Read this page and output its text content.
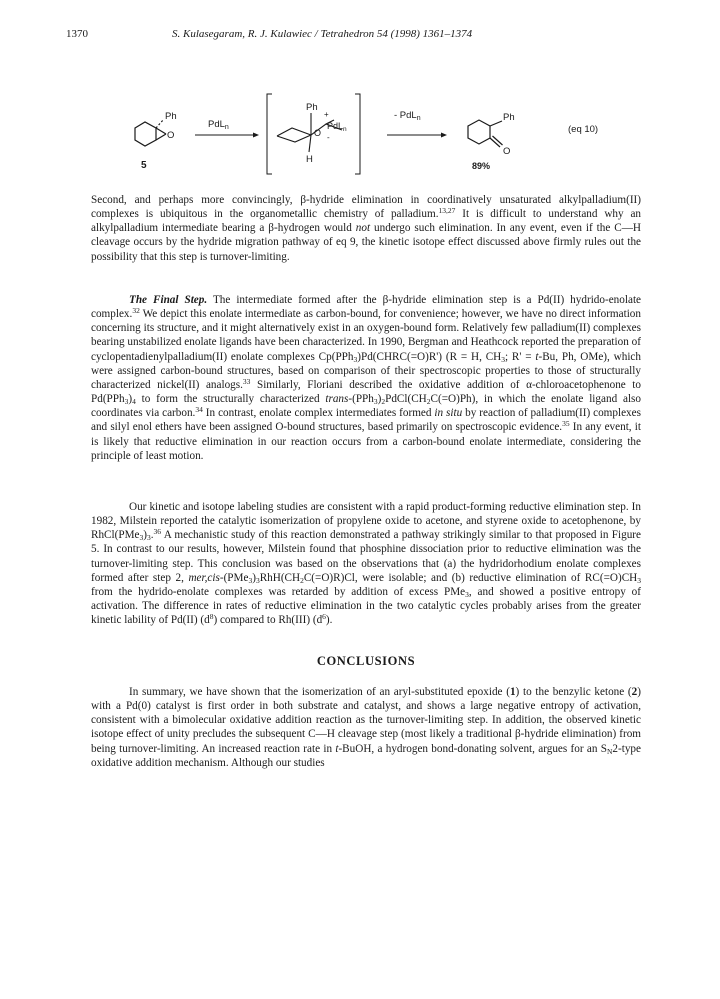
1370	S. Kulasegaram, R. J. Kulawiec / Tetrahedron 54 (1998) 1361–1374
Ph
O
5
PdL$_n$
Ph
+
PdL$_n$
O -
H
- PdL$_n$	Ph
O
89%
(eq 10)

Second, and perhaps more convincingly, β-hydride elimination in coordinatively unsaturated alkylpalladium(II) complexes is ubiquitous in the organometallic chemistry of palladium.$^{13,27}$ It is difficult to understand why an alkylpalladium intermediate bearing a β-hydrogen would not undergo such elimination. In any event, even if the C—H cleavage occurs by the hydride migration pathway of eq 9, the kinetic isotope effect discussed above firmly rules out the possibility that this step is turnover-limiting.

The Final Step. The intermediate formed after the β-hydride elimination step is a Pd(II) hydrido-enolate complex.$^{32}$ We depict this enolate intermediate as carbon-bound, for convenience; however, we have no direct information concerning its structure, and it might alternatively exist in an oxygen-bound form. Relatively few palladium(II) complexes bearing unstabilized enolate ligands have been characterized. In 1990, Bergman and Heathcock reported the preparation of cyclopentadienylpalladium(II) enolate complexes Cp(PPh$_3$)Pd(CHRC(=O)R') (R = H, $CH_3$; R' = t-Bu, Ph, OMe), which were assigned carbon-bound structures, based on comparison of their spectroscopic properties to those of structurally characterized nickel(II) analogs.$^{33}$ Similarly, Floriani described the oxidative addition of α-chloroacetophenone to $Pd(PPh_3)_4$ to form the structurally characterized trans-$(PPh_3)_2PdCl(CH_2C(=O)Ph)$, in which the enolate ligand also coordinates via carbon.$^{34}$ In contrast, enolate complex intermediates formed in situ by reaction of palladium(II) complexes and silyl enol ethers have been assigned O-bound structures, based primarily on spectroscopic evidence.$^{35}$ In any event, it is likely that reductive elimination in our reaction occurs from a carbon-bound enolate intermediate, considering the principle of least motion.

Our kinetic and isotope labeling studies are consistent with a rapid product-forming reductive elimination step. In 1982, Milstein reported the catalytic isomerization of propylene oxide to acetone, and styrene oxide to acetophenone, by $RhCl(PMe_3)_3.^{36}$ A mechanistic study of this reaction demonstrated a pathway strikingly similar to that proposed in Figure 5. In contrast to our results, however, Milstein found that phosphine dissociation prior to reductive elimination was the turnover-limiting step. This conclusion was based on the observations that (a) the hydridorhodium enolate complexes formed after step 2, $mer,cis-(PMe_3)_3RhH(CH_2C(=O)R)Cl$, were isolable; and (b) reductive elimination of $RC(=O)CH_3$ from the hydrido-enolate complexes was retarded by addition of excess PMe$_3$, and showed a positive entropy of activation. The difference in rates of reductive elimination in the two catalytic cycles probably arises from the greater kinetic lability of Pd(II) $(d^8)$ compared to Rh(III) $(d^6)$.

CONCLUSIONS

In summary, we have shown that the isomerization of an aryl-substituted epoxide (1) to the benzylic ketone (2) with a Pd(0) catalyst is first order in both substrate and catalyst, and shows a large negative entropy of activation, consistent with a bimolecular oxidative addition reaction as the turnover-limiting step. In addition, the observed kinetic isotope effect of unity precludes the subsequent C—H cleavage step (most likely a traditional β-hydride elimination) from being turnover-limiting. An increased reaction rate in t-BuOH, a hydrogen bond-donating solvent, argues for an $S_N2$-type oxidative addition mechanism. Although our studies
